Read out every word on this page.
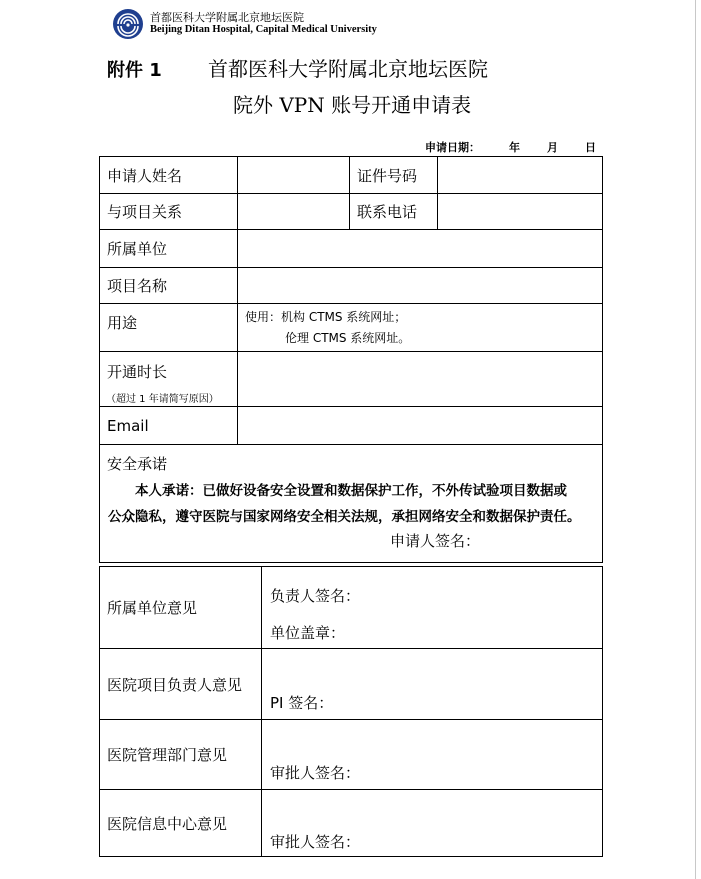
首都医科大学附属北京地坛医院
Beijing Ditan Hospital, Capital Medical University
附件 1 首都医科大学附属北京地坛医院
院外 VPN 账号开通申请表
申请日期：	年 月 日
申请人姓名		证件号码	
与项目关系		联系电话	
所属单位			
项目名称			
用途	使用：机构 CTMS 系统网址；
伦理 CTMS 系统网址。		

开通时长
（超过 1 年请简写原因）			

Email			

安全承诺
本人承诺：已做好设备安全设置和数据保护工作，不外传试验项目数据或
公众隐私，遵守医院与国家网络安全相关法规，承担网络安全和数据保护责任。
申请人签名：			
所属单位意见	负责人签名：
单位盖章：

医院项目负责人意见	PI 签名：

医院管理部门意见	审批人签名：

医院信息中心意见	审批人签名：
